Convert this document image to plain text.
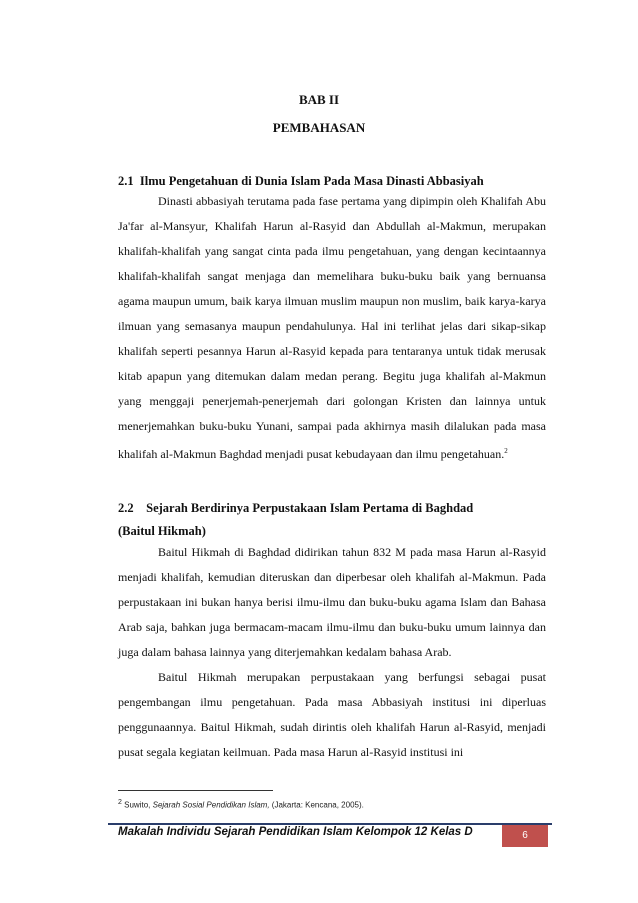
BAB II
PEMBAHASAN
2.1  Ilmu Pengetahuan di Dunia Islam Pada Masa Dinasti Abbasiyah

Dinasti abbasiyah terutama pada fase pertama yang dipimpin oleh Khalifah Abu Ja'far al-Mansyur, Khalifah Harun al-Rasyid dan Abdullah al-Makmun, merupakan khalifah-khalifah yang sangat cinta pada ilmu pengetahuan, yang dengan kecintaannya khalifah-khalifah sangat menjaga dan memelihara buku-buku baik yang bernuansa agama maupun umum, baik karya ilmuan muslim maupun non muslim, baik karya-karya ilmuan yang semasanya maupun pendahulunya. Hal ini terlihat jelas dari sikap-sikap khalifah seperti pesannya Harun al-Rasyid kepada para tentaranya untuk tidak merusak kitab apapun yang ditemukan dalam medan perang. Begitu juga khalifah al-Makmun yang menggaji penerjemah-penerjemah dari golongan Kristen dan lainnya untuk menerjemahkan buku-buku Yunani, sampai pada akhirnya masih dilalukan pada masa khalifah al-Makmun Baghdad menjadi pusat kebudayaan dan ilmu pengetahuan.$^2$

2.2    Sejarah Berdirinya Perpustakaan Islam Pertama di Baghdad
(Baitul Hikmah)

Baitul Hikmah di Baghdad didirikan tahun 832 M pada masa Harun al-Rasyid menjadi khalifah, kemudian diteruskan dan diperbesar oleh khalifah al-Makmun. Pada perpustakaan ini bukan hanya berisi ilmu-ilmu dan buku-buku agama Islam dan Bahasa Arab saja, bahkan juga bermacam-macam ilmu-ilmu dan buku-buku umum lainnya dan juga dalam bahasa lainnya yang diterjemahkan kedalam bahasa Arab.

Baitul Hikmah merupakan perpustakaan yang berfungsi sebagai pusat pengembangan ilmu pengetahuan. Pada masa Abbasiyah institusi ini diperluas penggunaannya. Baitul Hikmah, sudah dirintis oleh khalifah Harun al-Rasyid, menjadi pusat segala kegiatan keilmuan. Pada masa Harun al-Rasyid institusi ini

$^2$ Suwito, Sejarah Sosial Pendidikan Islam, (Jakarta: Kencana, 2005).
Makalah Individu Sejarah Pendidikan Islam Kelompok 12 Kelas D	6
